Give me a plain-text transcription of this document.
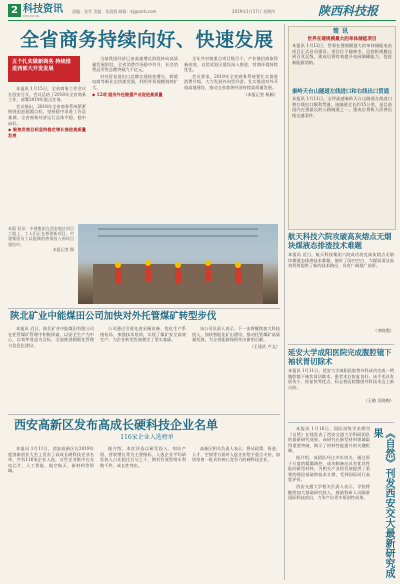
2 科技资讯
KEJI ZIXUN
责编：张雪 美编：张晨霞 邮箱：kj@sxrb.com	2019年1月17日 星期四	陕西科技报
全省商务持续向好、快速发展
五个扎实做新商务 持续推进西部大开发发展

本报讯 1月15日，全省商务工作会议在西安召开。会议总结了2018年全省商务工作，部署2019年重点任务。

会议指出，2018年全省商务系统紧紧围绕追赶超越目标，坚持稳中求进工作总基调，全省商务经济运行总体平稳、稳中向好。

◆ 聚焦发展目标坚持稳定增长推进高质量发展

当前我国经济已由高速增长阶段转向高质量发展阶段，全省消费市场稳中有升，社会消费品零售总额突破九千亿元。

对外贸易进出口总额实现较快增长，跨境电商等新业态快速发展，利用外资规模持续扩大。

◆ 12项 服务外包做强产业促进高质量

全年共对接重点项目数百个，产业链招商取得新成效，自贸试验区建设深入推进，营商环境持续优化。

会议要求，2019年全省商务系统要扎实推进消费升级，大力发展外向型经济，扎实推进对外开放高地建设，推动全省商务经济持续高质量发展。

（本报记者 杨颖）

本版 短讯：中建集团在西安地区项目工地上，工人们正在搭建新项目。中建集团员工以饱满的热情投入到项目建设中。
本报记者 摄
陕北矿业中能煤田公司加快对外托管煤矿转型步伐

本报讯 近日，陕北矿业中能煤田有限公司在托管煤矿管理中积极探索，以安全生产为中心，以效率效益为目标，全面推进精细化管理与信息化建设。

公司通过引进先进采掘设备、优化生产系统布局、加强技术培训，实现了煤矿安全高效生产，为企业转型发展奠定了坚实基础。

该公司负责人表示，下一步将继续加大科技投入，加快智能化矿山建设，推动托管煤矿高质量发展，为全省能源保供作出新的贡献。

（王建武 卢文）

西安高新区发布高成长硬科技企业名单
116家企业入选榜单

本报讯 1月11日，西安高新区在2019年度创新创业大会上发布了高成长硬科技企业名单，共有116家企业入选。这些企业集中在光电芯片、人工智能、航空航天、新材料等领域。

据介绍，本次评选以研发投入、知识产权、营收增长等为主要指标，入选企业平均研发投入占比超过百分之十，拥有有效发明专利数千件，成长性突出。

高新区相关负责人表示，将从政策、资金、人才、空间等方面对入选企业给予重点支持，加快培育一批具有核心竞争力的硬科技企业。

简讯
世界在建规模最大的单体储能项目
本报讯 1月12日，世界在建规模最大的单体储能电站项目正式启动建设。项目位于榆林市，总装机规模达到百兆瓦级，建成后将有效提升电网调峰能力，促进新能源消纳。
秦岭天台山隧道左线进口和右线出口贯通
本报讯 1月11日，宝坪高速秦岭天台山隧道左线进口和右线出口顺利贯通。该隧道全长约15公里，是目前国内在建最长的公路隧道之一，建成后将极大改善沿线交通条件。
航天科技六院攻破高灰熔点无烟块煤液态排渣技术难题
本报讯 近日，航天科技集团六院成功攻克高灰熔点无烟块煤液态排渣技术难题，填补了国内空白，为煤炭清洁高效利用提供了新的技术路径，具有广阔推广前景。
（李晓霞）
延安大学成阳医院完成腹腔镜下袖状胃切除术
本报讯 1月11日，延安大学咸阳医院普外科成功完成一例腹腔镜下袖状胃切除术，患者术后恢复良好。该手术具有创伤小、恢复快等优点，标志着医院微创外科技术迈上新台阶。
（王晓 吴晓梅）

本报讯 1月16日，国际顶级学术期刊《自然》在线发表了西安交通大学科研团队的最新研究成果。该研究在新型材料领域取得重要突破，揭示了材料性能提升的关键机制。

据介绍，该团队经过多年攻关，通过原子尺度的精确调控，成功制备出具有优异性能的新型材料，为相关产业的发展提供了重要的理论基础和技术支撑，受到国际同行高度评价。

西安交通大学相关负责人表示，学校将继续加大基础研究投入，鼓励科研人员瞄准国际科技前沿，力争产出更多原创性成果。	《自然》刊发西安交大最新研究成果
